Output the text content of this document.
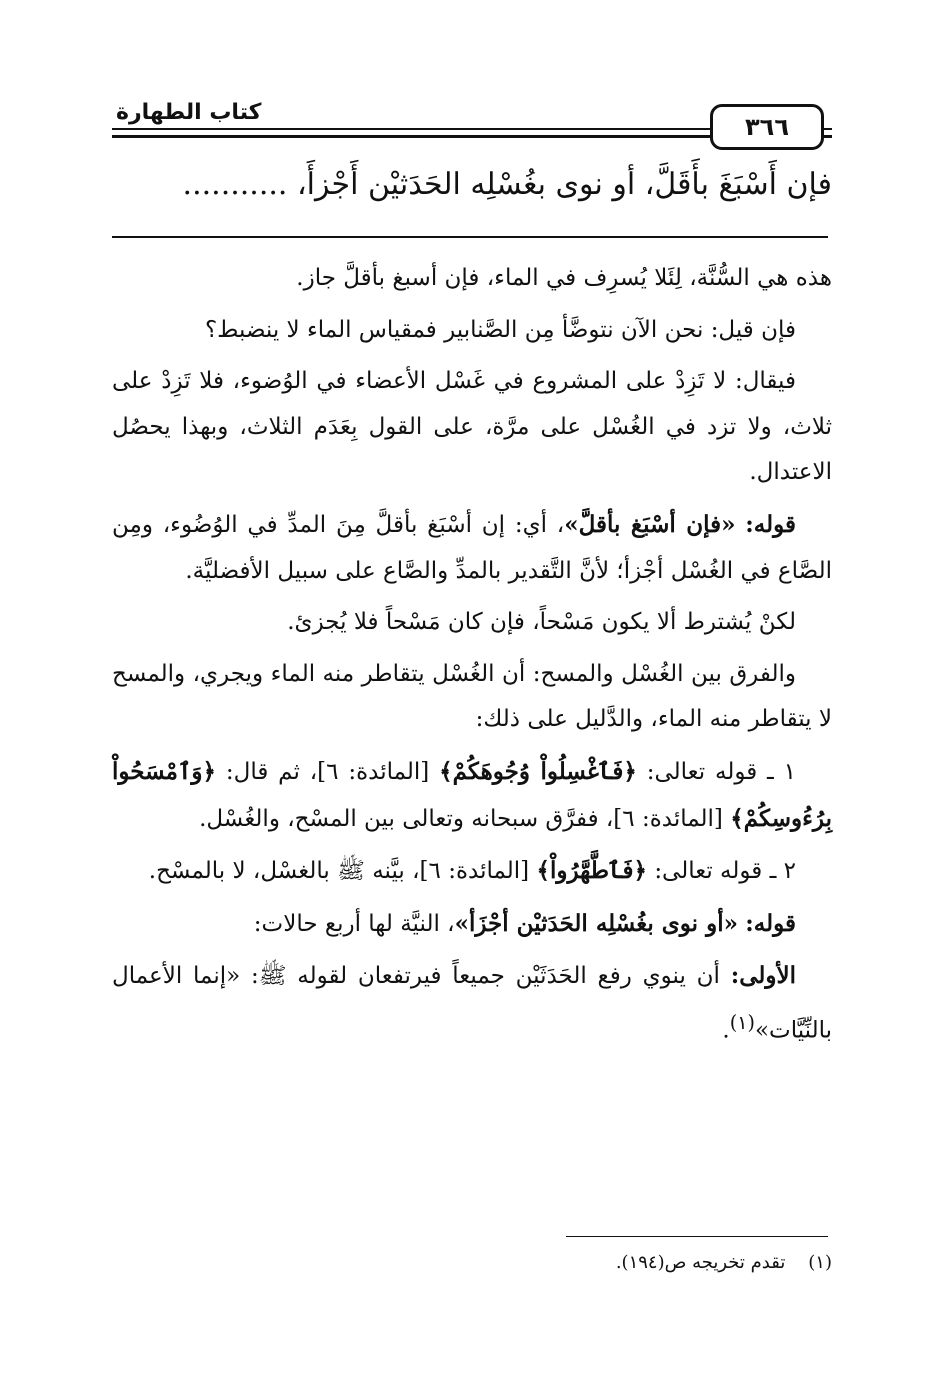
كتاب الطهارة
٣٦٦
فإن أَسْبَغَ بأَقَلَّ، أو نوى بغُسْلِه الحَدَثيْن أَجْزأَ، ...........

هذه هي السُّنَّة، لِئَلا يُسرِف في الماء، فإن أسبغ بأقلَّ جاز.

فإن قيل: نحن الآن نتوضَّأ مِن الصَّنابير فمقياس الماء لا ينضبط؟

فيقال: لا تَزِدْ على المشروع في غَسْل الأعضاء في الوُضوء، فلا تَزِدْ على ثلاث، ولا تزد في الغُسْل على مرَّة، على القول بِعَدَم الثلاث، وبهذا يحصُل الاعتدال.

قوله: «فإن أسْبَغ بأقلَّ»، أي: إن أسْبَغ بأقلَّ مِنَ المدِّ في الوُضُوء، ومِن الصَّاع في الغُسْل أجْزأ؛ لأنَّ التَّقدير بالمدِّ والصَّاع على سبيل الأفضليَّة.

لكنْ يُشترط ألا يكون مَسْحاً، فإن كان مَسْحاً فلا يُجزئ.

والفرق بين الغُسْل والمسح: أن الغُسْل يتقاطر منه الماء ويجري، والمسح لا يتقاطر منه الماء، والدَّليل على ذلك:

١ ـ قوله تعالى: ﴿فَٱغْسِلُواْ وُجُوهَكُمْ﴾ [المائدة: ٦]، ثم قال: ﴿وَٱمْسَحُواْ بِرُءُوسِكُمْ﴾ [المائدة: ٦]، ففرَّق سبحانه وتعالى بين المسْح، والغُسْل.

٢ ـ قوله تعالى: ﴿فَٱطَّهَّرُواْ﴾ [المائدة: ٦]، بيَّنه ﷺ بالغسْل، لا بالمسْح.

قوله: «أو نوى بغُسْلِه الحَدَثيْن أجْزَأ»، النيَّة لها أربع حالات:

الأولى: أن ينوي رفع الحَدَثَيْن جميعاً فيرتفعان لقوله ﷺ: «إنما الأعمال بالنِّيَّات»$^{(١)}$.

(١)    تقدم تخريجه ص(١٩٤).
